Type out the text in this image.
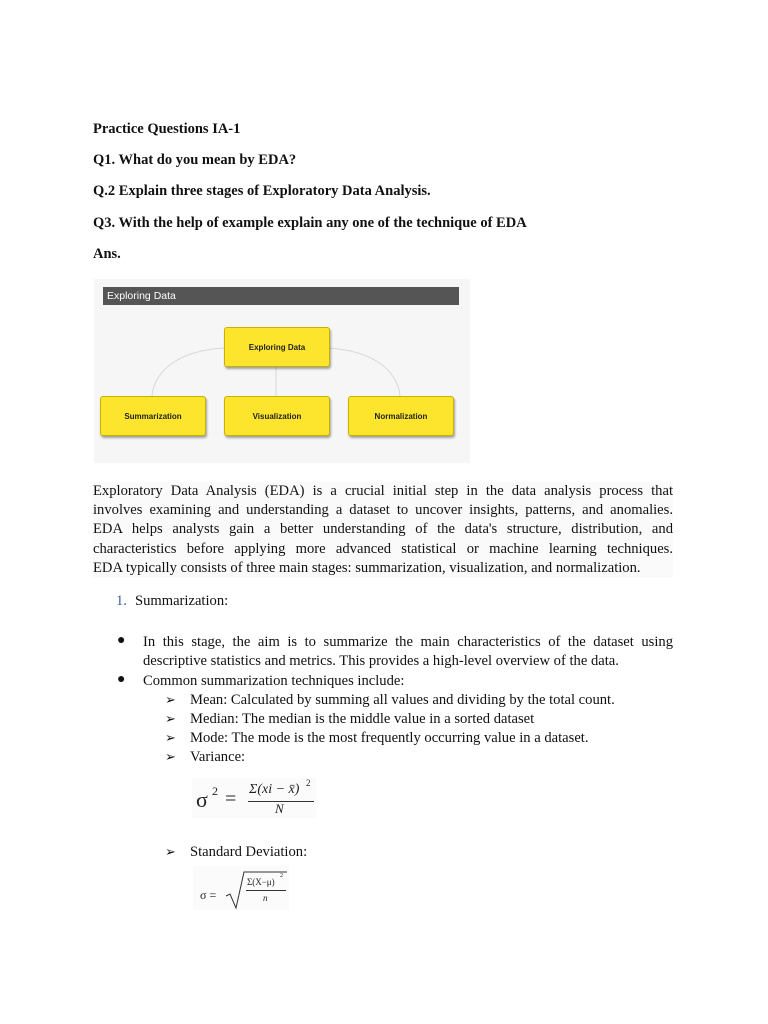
Practice Questions IA-1
Q1. What do you mean by EDA?
Q.2 Explain three stages of Exploratory Data Analysis.
Q3. With the help of example explain any one of the technique of EDA
Ans.
Exploring Data
Exploring Data
Summarization	Visualization	Normalization
Exploratory Data Analysis (EDA) is a crucial initial step in the data analysis process that
involves examining and understanding a dataset to uncover insights, patterns, and anomalies.
EDA helps analysts gain a better understanding of the data's structure, distribution, and
characteristics before applying more advanced statistical or machine learning techniques.
EDA typically consists of three main stages: summarization, visualization, and normalization.
1. Summarization:
● In this stage, the aim is to summarize the main characteristics of the dataset using
descriptive statistics and metrics. This provides a high-level overview of the data.
● Common summarization techniques include:
➢ Mean: Calculated by summing all values and dividing by the total count.
➢ Median: The median is the middle value in a sorted dataset
➢ Mode: The mode is the most frequently occurring value in a dataset.
➢ Variance:
σ 2 = Σ(xi − x̄) 2
N
➢ Standard Deviation:
σ =
Σ(X−μ)
2
n
